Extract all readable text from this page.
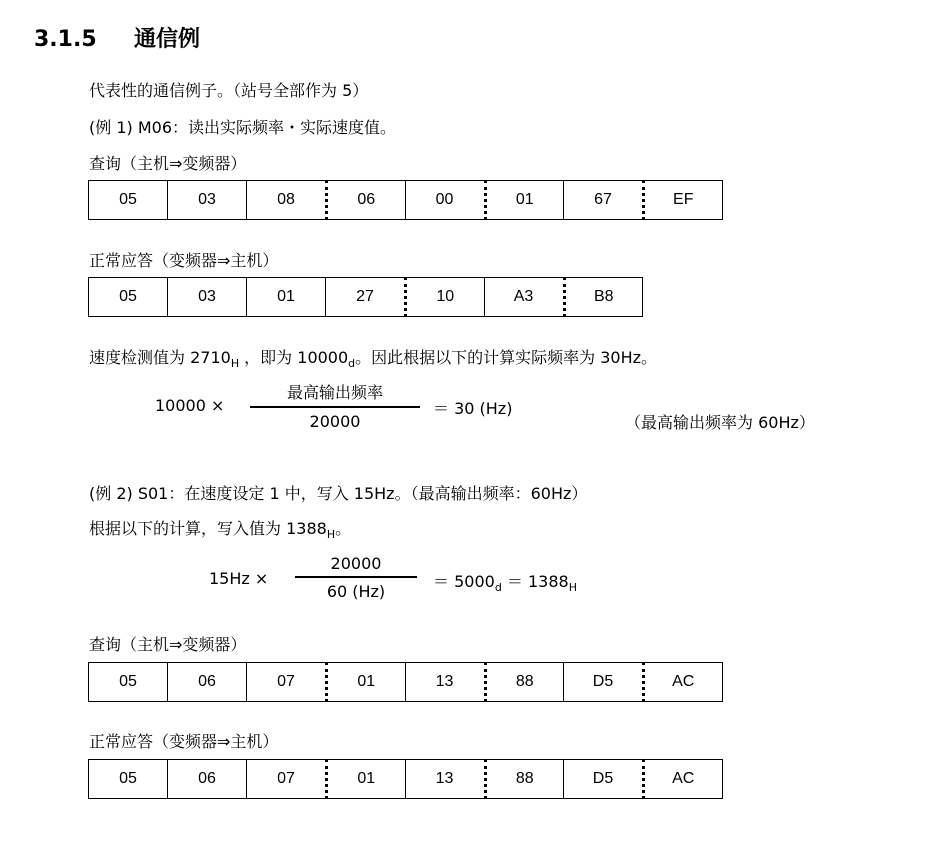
3.1.5 通信例
代表性的通信例子。（站号全部作为 5）
(例 1) M06：读出实际频率・实际速度值。
查询（主机⇒变频器）
05	03	08	06	00	01	67	EF
正常应答（变频器⇒主机）
05	03	01	27	10	A3	B8
速度检测值为 $2710_H$ ，即为 $10000_d$。因此根据以下的计算实际频率为 30Hz。
10000 ×
最高输出频率
20000
＝ 30 (Hz)
（最高输出频率为 60Hz）
(例 2) S01：在速度设定 1 中，写入 15Hz。（最高输出频率：60Hz）
根据以下的计算，写入值为 $1388_H$。
15Hz ×
20000
60 (Hz)	＝ $5000_d = 1388_H$
查询（主机⇒变频器）
05	06	07	01	13	88	D5	AC
正常应答（变频器⇒主机）
05	06	07	01	13	88	D5	AC
